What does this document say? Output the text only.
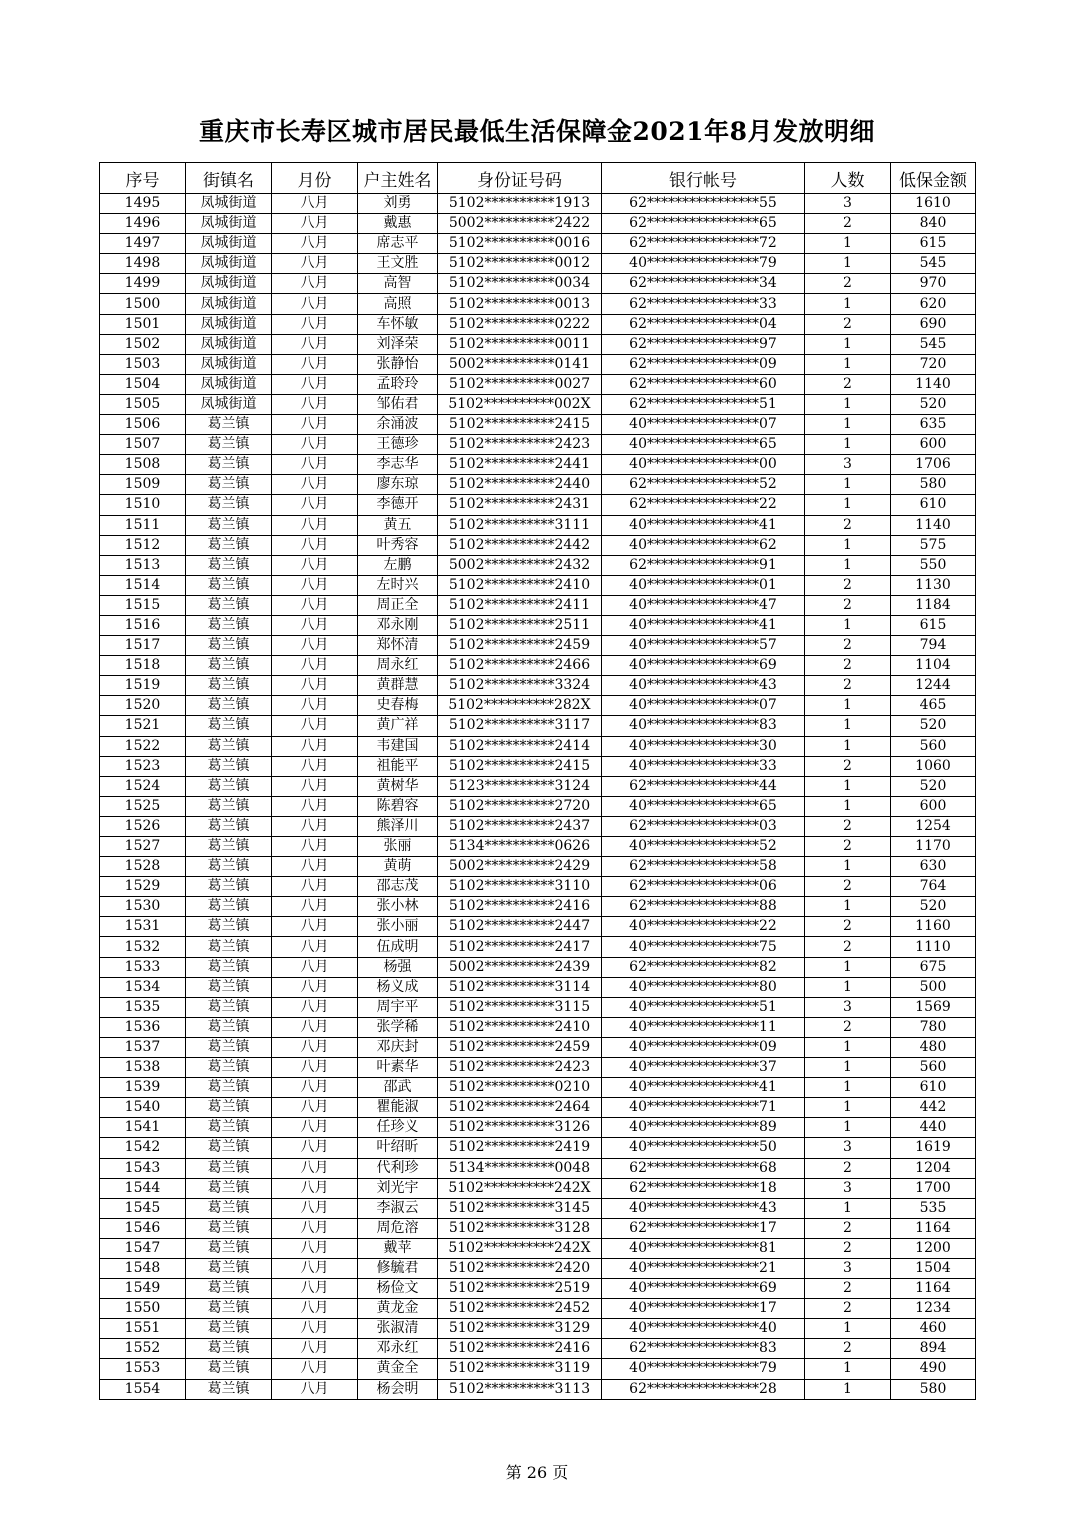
重庆市长寿区城市居民最低生活保障金2021年8月发放明细
序号	街镇名	月份	户主姓名	身份证号码	银行帐号	人数	低保金额
1495	凤城街道	八月	刘勇	5102**********1913	62****************55	3	1610
1496	凤城街道	八月	戴惠	5002**********2422	62****************65	2	840
1497	凤城街道	八月	席志平	5102**********0016	62****************72	1	615
1498	凤城街道	八月	王文胜	5102**********0012	40****************79	1	545
1499	凤城街道	八月	高智	5102**********0034	62****************34	2	970
1500	凤城街道	八月	高照	5102**********0013	62****************33	1	620
1501	凤城街道	八月	车怀敏	5102**********0222	62****************04	2	690
1502	凤城街道	八月	刘泽荣	5102**********0011	62****************97	1	545
1503	凤城街道	八月	张静怡	5002**********0141	62****************09	1	720
1504	凤城街道	八月	孟聆玲	5102**********0027	62****************60	2	1140
1505	凤城街道	八月	邹佑君	5102**********002X	62****************51	1	520
1506	葛兰镇	八月	余涌波	5102**********2415	40****************07	1	635
1507	葛兰镇	八月	王德珍	5102**********2423	40****************65	1	600
1508	葛兰镇	八月	李志华	5102**********2441	40****************00	3	1706
1509	葛兰镇	八月	廖东琼	5102**********2440	62****************52	1	580
1510	葛兰镇	八月	李德开	5102**********2431	62****************22	1	610
1511	葛兰镇	八月	黄五	5102**********3111	40****************41	2	1140
1512	葛兰镇	八月	叶秀容	5102**********2442	40****************62	1	575
1513	葛兰镇	八月	左鹏	5002**********2432	62****************91	1	550
1514	葛兰镇	八月	左时兴	5102**********2410	40****************01	2	1130
1515	葛兰镇	八月	周正全	5102**********2411	40****************47	2	1184
1516	葛兰镇	八月	邓永刚	5102**********2511	40****************41	1	615
1517	葛兰镇	八月	郑怀清	5102**********2459	40****************57	2	794
1518	葛兰镇	八月	周永红	5102**********2466	40****************69	2	1104
1519	葛兰镇	八月	黄群慧	5102**********3324	40****************43	2	1244
1520	葛兰镇	八月	史春梅	5102**********282X	40****************07	1	465
1521	葛兰镇	八月	黄广祥	5102**********3117	40****************83	1	520
1522	葛兰镇	八月	韦建国	5102**********2414	40****************30	1	560
1523	葛兰镇	八月	祖能平	5102**********2415	40****************33	2	1060
1524	葛兰镇	八月	黄树华	5123**********3124	62****************44	1	520
1525	葛兰镇	八月	陈碧容	5102**********2720	40****************65	1	600
1526	葛兰镇	八月	熊泽川	5102**********2437	62****************03	2	1254
1527	葛兰镇	八月	张丽	5134**********0626	40****************52	2	1170
1528	葛兰镇	八月	黄萌	5002**********2429	62****************58	1	630
1529	葛兰镇	八月	邵志茂	5102**********3110	62****************06	2	764
1530	葛兰镇	八月	张小林	5102**********2416	62****************88	1	520
1531	葛兰镇	八月	张小丽	5102**********2447	40****************22	2	1160
1532	葛兰镇	八月	伍成明	5102**********2417	40****************75	2	1110
1533	葛兰镇	八月	杨强	5002**********2439	62****************82	1	675
1534	葛兰镇	八月	杨义成	5102**********3114	40****************80	1	500
1535	葛兰镇	八月	周宇平	5102**********3115	40****************51	3	1569
1536	葛兰镇	八月	张学稀	5102**********2410	40****************11	2	780
1537	葛兰镇	八月	邓庆封	5102**********2459	40****************09	1	480
1538	葛兰镇	八月	叶素华	5102**********2423	40****************37	1	560
1539	葛兰镇	八月	邵武	5102**********0210	40****************41	1	610
1540	葛兰镇	八月	瞿能淑	5102**********2464	40****************71	1	442
1541	葛兰镇	八月	任珍义	5102**********3126	40****************89	1	440
1542	葛兰镇	八月	叶绍昕	5102**********2419	40****************50	3	1619
1543	葛兰镇	八月	代利珍	5134**********0048	62****************68	2	1204
1544	葛兰镇	八月	刘光宇	5102**********242X	62****************18	3	1700
1545	葛兰镇	八月	李淑云	5102**********3145	40****************43	1	535
1546	葛兰镇	八月	周危溶	5102**********3128	62****************17	2	1164
1547	葛兰镇	八月	戴苹	5102**********242X	40****************81	2	1200
1548	葛兰镇	八月	修毓君	5102**********2420	40****************21	3	1504
1549	葛兰镇	八月	杨俭文	5102**********2519	40****************69	2	1164
1550	葛兰镇	八月	黄龙金	5102**********2452	40****************17	2	1234
1551	葛兰镇	八月	张淑清	5102**********3129	40****************40	1	460
1552	葛兰镇	八月	邓永红	5102**********2416	62****************83	2	894
1553	葛兰镇	八月	黄金全	5102**********3119	40****************79	1	490
1554	葛兰镇	八月	杨会明	5102**********3113	62****************28	1	580
第 26 页
